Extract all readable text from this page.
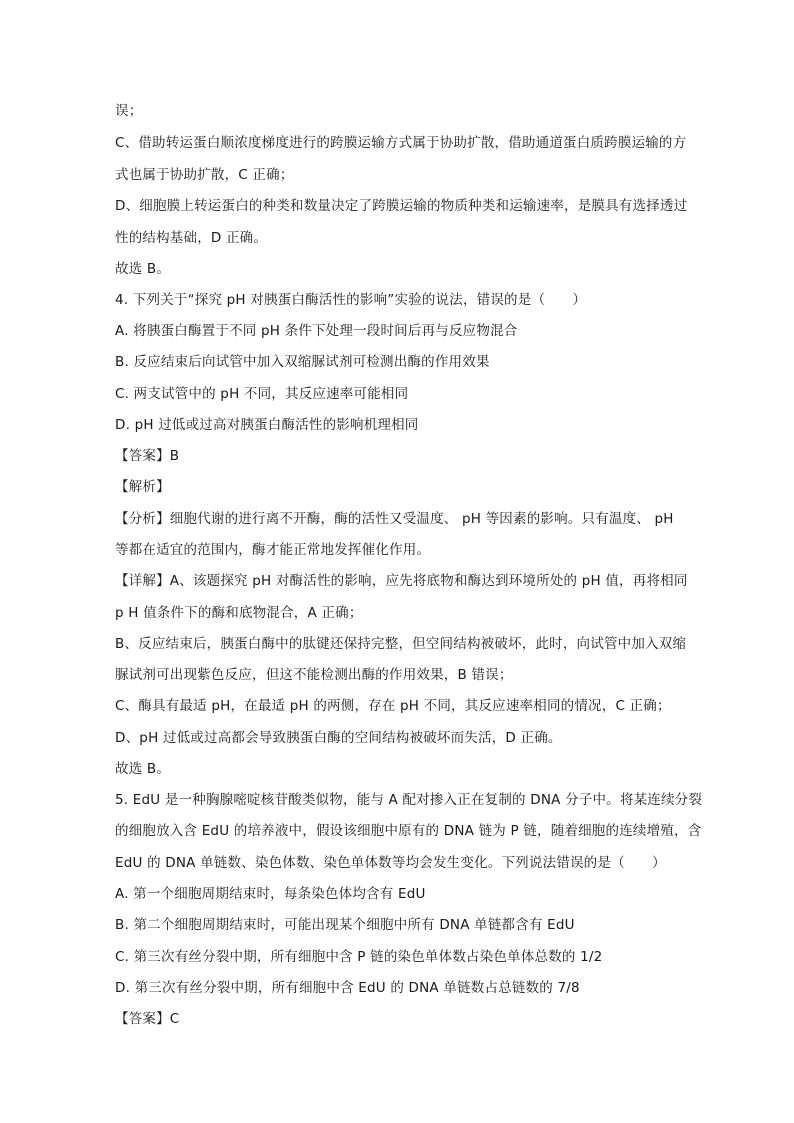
误；
C、借助转运蛋白顺浓度梯度进行的跨膜运输方式属于协助扩散，借助通道蛋白质跨膜运输的方
式也属于协助扩散，C 正确；
D、细胞膜上转运蛋白的种类和数量决定了跨膜运输的物质种类和运输速率，是膜具有选择透过
性的结构基础，D 正确。
故选 B。
4. 下列关于“探究 pH 对胰蛋白酶活性的影响”实验的说法，错误的是（　　）
A. 将胰蛋白酶置于不同 pH 条件下处理一段时间后再与反应物混合
B. 反应结束后向试管中加入双缩脲试剂可检测出酶的作用效果
C. 两支试管中的 pH 不同，其反应速率可能相同
D. pH 过低或过高对胰蛋白酶活性的影响机理相同
【答案】B
【解析】
【分析】细胞代谢的进行离不开酶，酶的活性又受温度、 pH 等因素的影响。只有温度、 pH
等都在适宜的范围内，酶才能正常地发挥催化作用。
【详解】A、该题探究 pH 对酶活性的影响，应先将底物和酶达到环境所处的 pH 值，再将相同
p H 值条件下的酶和底物混合，A 正确；
B、反应结束后，胰蛋白酶中的肽键还保持完整，但空间结构被破坏，此时，向试管中加入双缩
脲试剂可出现紫色反应，但这不能检测出酶的作用效果，B 错误；
C、酶具有最适 pH，在最适 pH 的两侧，存在 pH 不同，其反应速率相同的情况，C 正确；
D、pH 过低或过高都会导致胰蛋白酶的空间结构被破坏而失活，D 正确。
故选 B。
5. EdU 是一种胸腺嘧啶核苷酸类似物，能与 A 配对掺入正在复制的 DNA 分子中。将某连续分裂
的细胞放入含 EdU 的培养液中，假设该细胞中原有的 DNA 链为 P 链，随着细胞的连续增殖，含
EdU 的 DNA 单链数、染色体数、染色单体数等均会发生变化。下列说法错误的是（　　）
A. 第一个细胞周期结束时，每条染色体均含有 EdU
B. 第二个细胞周期结束时，可能出现某个细胞中所有 DNA 单链都含有 EdU
C. 第三次有丝分裂中期，所有细胞中含 P 链的染色单体数占染色单体总数的 1/2
D. 第三次有丝分裂中期，所有细胞中含 EdU 的 DNA 单链数占总链数的 7/8
【答案】C
